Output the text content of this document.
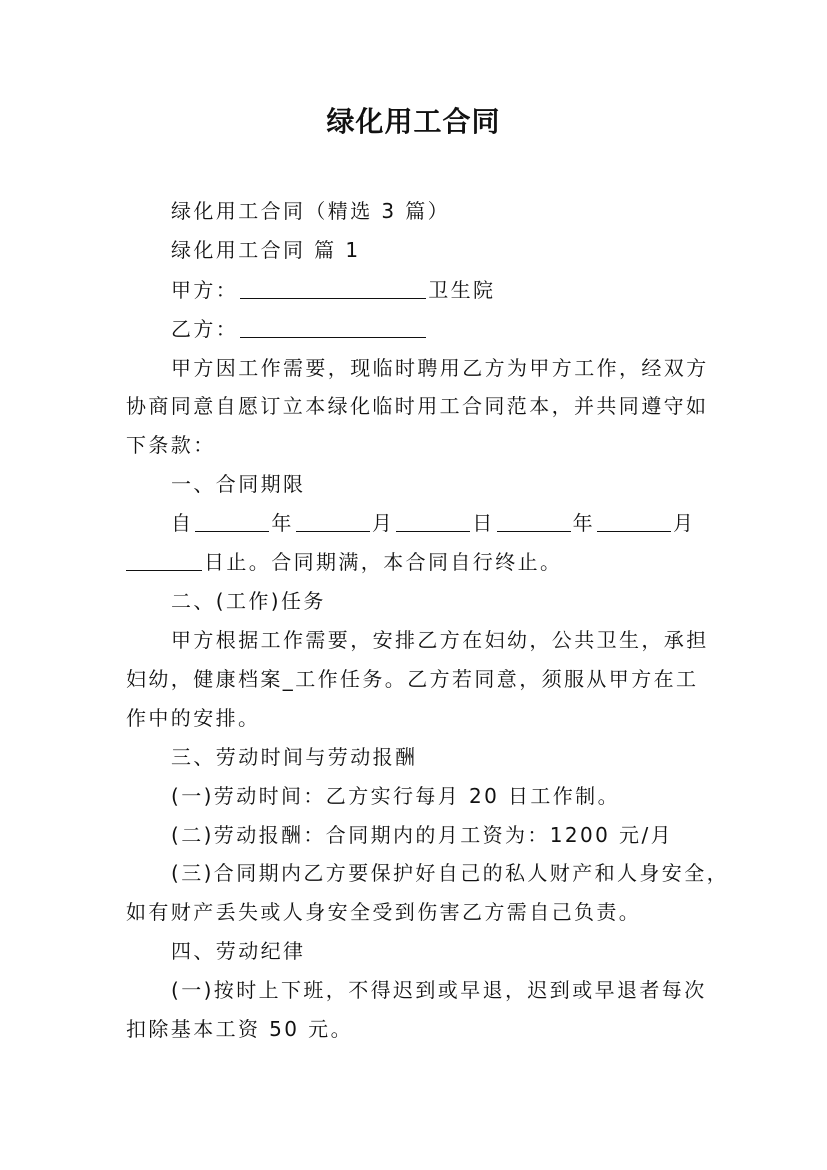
绿化用工合同
绿化用工合同（精选 3 篇）
绿化用工合同 篇 1
甲方：	卫生院
乙方：
甲方因工作需要，现临时聘用乙方为甲方工作，经双方
协商同意自愿订立本绿化临时用工合同范本，并共同遵守如
下条款：
一、合同期限
自	年	月	日	年	月
日止。合同期满，本合同自行终止。
二、(工作)任务
甲方根据工作需要，安排乙方在妇幼，公共卫生，承担
妇幼，健康档案_工作任务。乙方若同意，须服从甲方在工
作中的安排。
三、劳动时间与劳动报酬
(一)劳动时间：乙方实行每月 20 日工作制。
(二)劳动报酬：合同期内的月工资为：1200 元/月
(三)合同期内乙方要保护好自己的私人财产和人身安全，
如有财产丢失或人身安全受到伤害乙方需自己负责。
四、劳动纪律
(一)按时上下班，不得迟到或早退，迟到或早退者每次
扣除基本工资 50 元。
